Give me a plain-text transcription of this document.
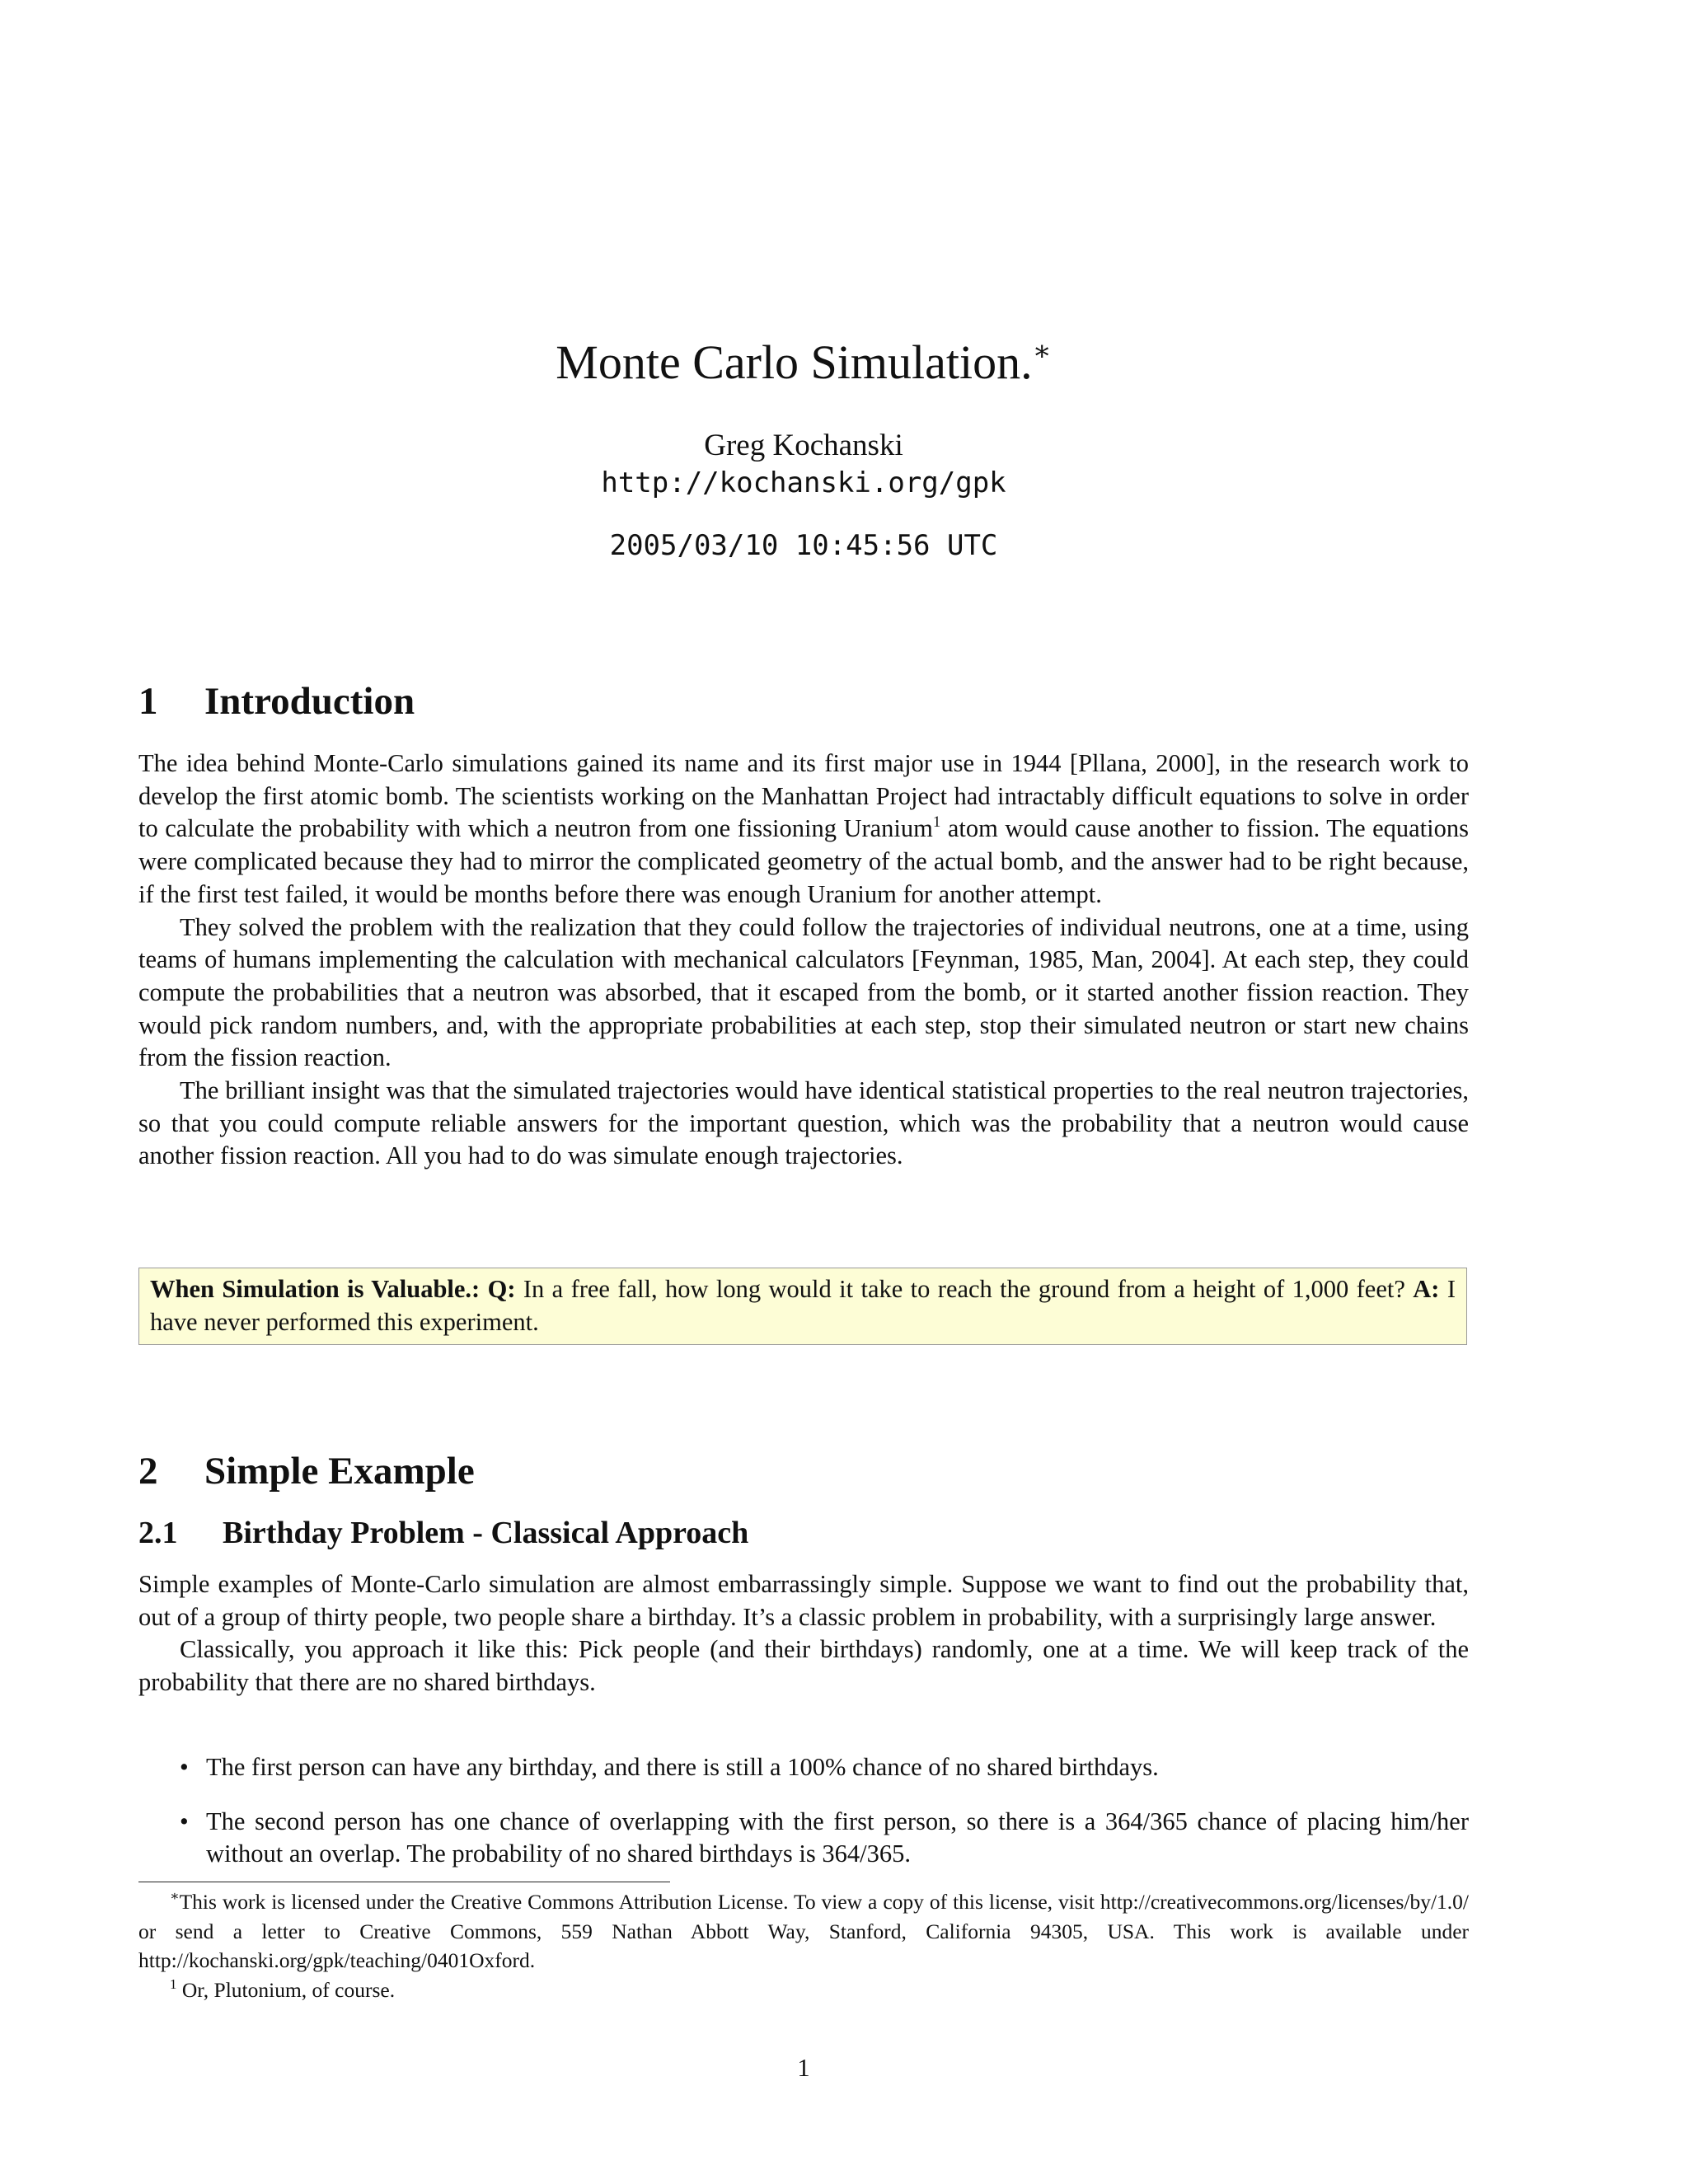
Monte Carlo Simulation.∗
Greg Kochanski
http://kochanski.org/gpk
2005/03/10 10:45:56 UTC
1 Introduction

The idea behind Monte-Carlo simulations gained its name and its first major use in 1944 [Pllana, 2000], in the research work to develop the first atomic bomb. The scientists working on the Manhattan Project had intractably difficult equations to solve in order to calculate the probability with which a neutron from one fissioning Uranium$^1$ atom would cause another to fission. The equations were complicated because they had to mirror the complicated geometry of the actual bomb, and the answer had to be right because, if the first test failed, it would be months before there was enough Uranium for another attempt.

They solved the problem with the realization that they could follow the trajectories of individual neutrons, one at a time, using teams of humans implementing the calculation with mechanical calculators [Feynman, 1985, Man, 2004]. At each step, they could compute the probabilities that a neutron was absorbed, that it escaped from the bomb, or it started another fission reaction. They would pick random numbers, and, with the appropriate probabilities at each step, stop their simulated neutron or start new chains from the fission reaction.

The brilliant insight was that the simulated trajectories would have identical statistical properties to the real neutron trajectories, so that you could compute reliable answers for the important question, which was the probability that a neutron would cause another fission reaction. All you had to do was simulate enough trajectories.

When Simulation is Valuable.: Q: In a free fall, how long would it take to reach the ground from a height of 1,000 feet? A: I have never performed this experiment.
2 Simple Example
2.1 Birthday Problem - Classical Approach

Simple examples of Monte-Carlo simulation are almost embarrassingly simple. Suppose we want to find out the probability that, out of a group of thirty people, two people share a birthday. It’s a classic problem in probability, with a surprisingly large answer.

Classically, you approach it like this: Pick people (and their birthdays) randomly, one at a time. We will keep track of the probability that there are no shared birthdays.

• The first person can have any birthday, and there is still a 100% chance of no shared birthdays.
• The second person has one chance of overlapping with the first person, so there is a 364/365 chance of placing him/her without an overlap. The probability of no shared birthdays is 364/365.

∗This work is licensed under the Creative Commons Attribution License. To view a copy of this license, visit http://creativecommons.org/licenses/by/1.0/ or send a letter to Creative Commons, 559 Nathan Abbott Way, Stanford, California 94305, USA. This work is available under http://kochanski.org/gpk/teaching/0401Oxford.

$^1$ Or, Plutonium, of course.

1
